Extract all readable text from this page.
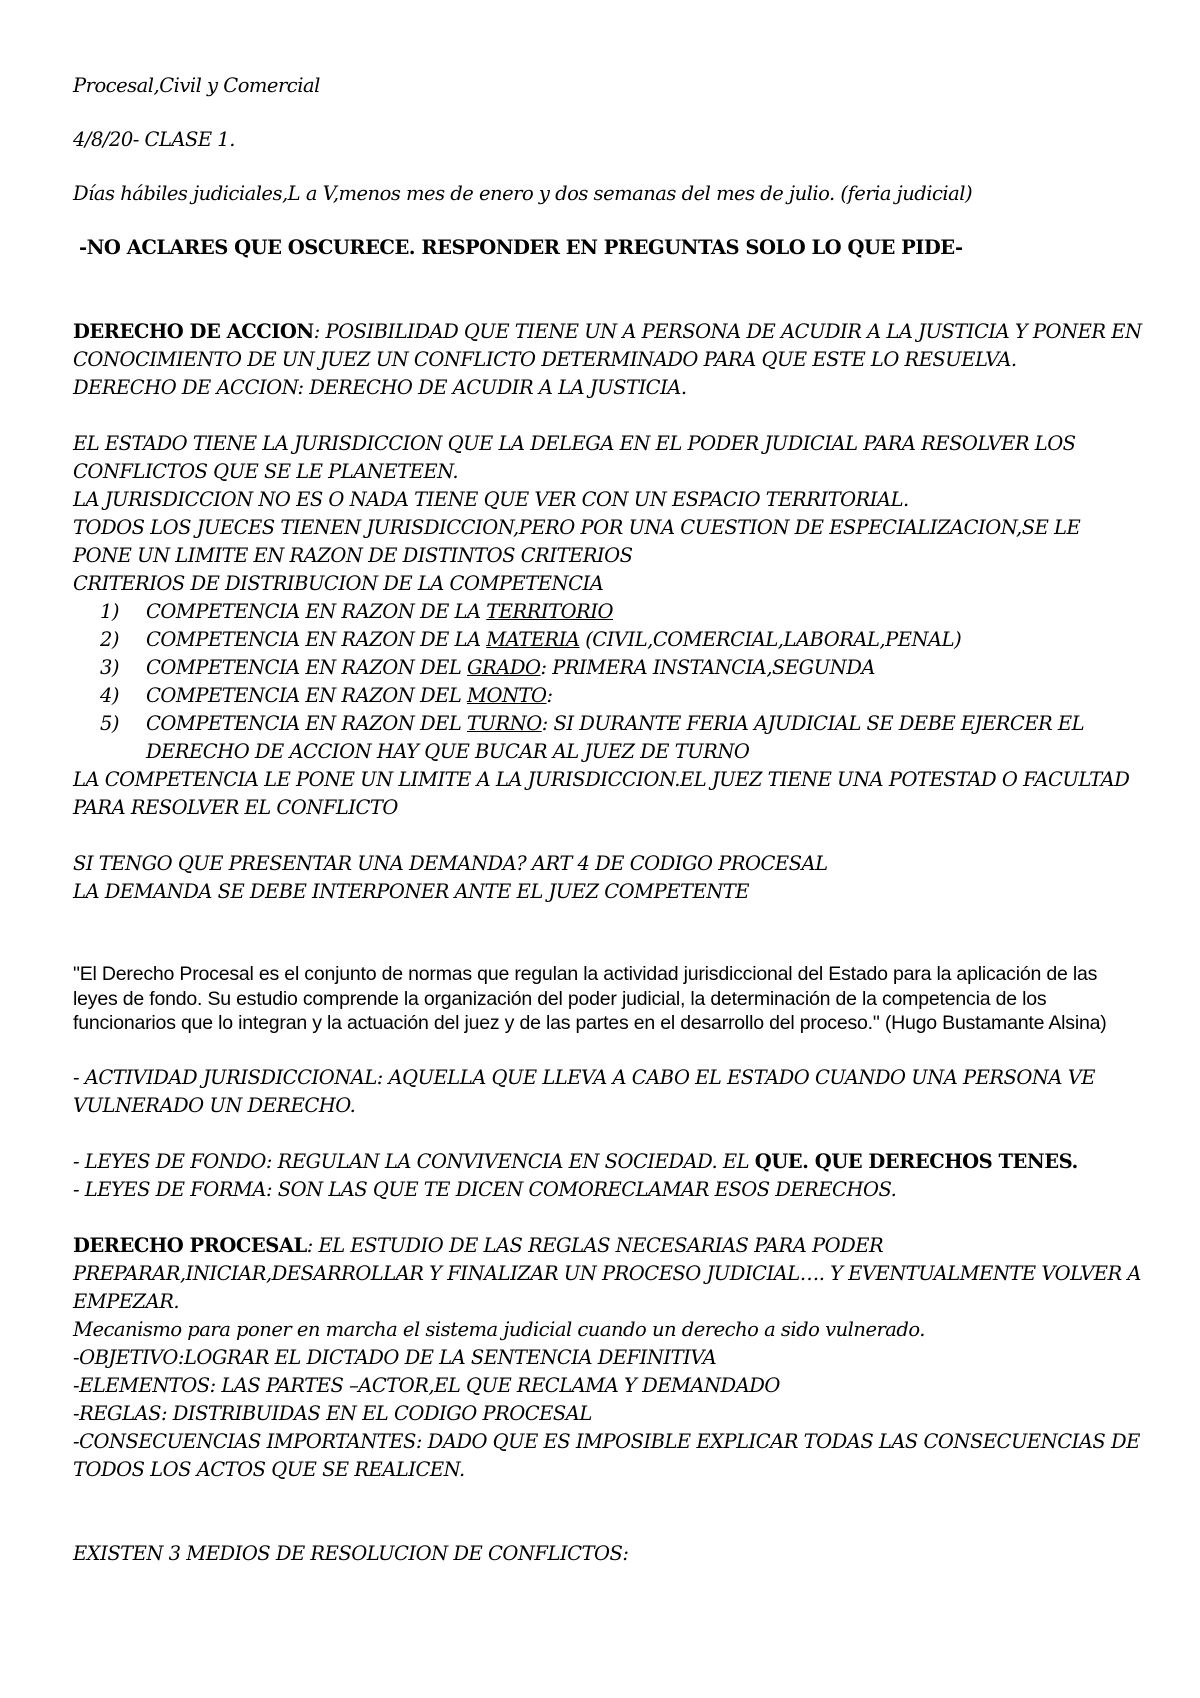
Procesal,Civil y Comercial

4/8/20- CLASE 1.

Días hábiles judiciales,L a V,menos mes de enero y dos semanas del mes de julio. (feria judicial)

-NO ACLARES QUE OSCURECE. RESPONDER EN PREGUNTAS SOLO LO QUE PIDE-

DERECHO DE ACCION: POSIBILIDAD QUE TIENE UN A PERSONA DE ACUDIR A LA JUSTICIA Y PONER EN CONOCIMIENTO DE UN JUEZ UN CONFLICTO DETERMINADO PARA QUE ESTE LO RESUELVA.

DERECHO DE ACCION: DERECHO DE ACUDIR A LA JUSTICIA.

EL ESTADO TIENE LA JURISDICCION QUE LA DELEGA EN EL PODER JUDICIAL PARA RESOLVER LOS CONFLICTOS QUE SE LE PLANETEEN.

LA JURISDICCION NO ES O NADA TIENE QUE VER CON UN ESPACIO TERRITORIAL.

TODOS LOS JUECES TIENEN JURISDICCION,PERO POR UNA CUESTION DE ESPECIALIZACION,SE LE PONE UN LIMITE EN RAZON DE DISTINTOS CRITERIOS

CRITERIOS DE DISTRIBUCION DE LA COMPETENCIA

1) COMPETENCIA EN RAZON DE LA TERRITORIO
2) COMPETENCIA EN RAZON DE LA MATERIA (CIVIL,COMERCIAL,LABORAL,PENAL)
3) COMPETENCIA EN RAZON DEL GRADO: PRIMERA INSTANCIA,SEGUNDA
4) COMPETENCIA EN RAZON DEL MONTO:
5) COMPETENCIA EN RAZON DEL TURNO: SI DURANTE FERIA AJUDICIAL SE DEBE EJERCER EL DERECHO DE ACCION HAY QUE BUCAR AL JUEZ DE TURNO

LA COMPETENCIA LE PONE UN LIMITE A LA JURISDICCION.EL JUEZ TIENE UNA POTESTAD O FACULTAD PARA RESOLVER EL CONFLICTO

SI TENGO QUE PRESENTAR UNA DEMANDA? ART 4 DE CODIGO PROCESAL

LA DEMANDA SE DEBE INTERPONER ANTE EL JUEZ COMPETENTE

"El Derecho Procesal es el conjunto de normas que regulan la actividad jurisdiccional del Estado para la aplicación de las leyes de fondo. Su estudio comprende la organización del poder judicial, la determinación de la competencia de los funcionarios que lo integran y la actuación del juez y de las partes en el desarrollo del proceso." (Hugo Bustamante Alsina)

- ACTIVIDAD JURISDICCIONAL: AQUELLA QUE LLEVA A CABO EL ESTADO CUANDO UNA PERSONA VE VULNERADO UN DERECHO.

- LEYES DE FONDO: REGULAN LA CONVIVENCIA EN SOCIEDAD. EL QUE. QUE DERECHOS TENES.

- LEYES DE FORMA: SON LAS QUE TE DICEN COMORECLAMAR ESOS DERECHOS.

DERECHO PROCESAL: EL ESTUDIO DE LAS REGLAS NECESARIAS PARA PODER PREPARAR,INICIAR,DESARROLLAR Y FINALIZAR UN PROCESO JUDICIAL…. Y EVENTUALMENTE VOLVER A EMPEZAR.

Mecanismo para poner en marcha el sistema judicial cuando un derecho a sido vulnerado.

-OBJETIVO:LOGRAR EL DICTADO DE LA SENTENCIA DEFINITIVA

-ELEMENTOS: LAS PARTES –ACTOR,EL QUE RECLAMA Y DEMANDADO

-REGLAS: DISTRIBUIDAS EN EL CODIGO PROCESAL

-CONSECUENCIAS IMPORTANTES: DADO QUE ES IMPOSIBLE EXPLICAR TODAS LAS CONSECUENCIAS DE TODOS LOS ACTOS QUE SE REALICEN.

EXISTEN 3 MEDIOS DE RESOLUCION DE CONFLICTOS:
